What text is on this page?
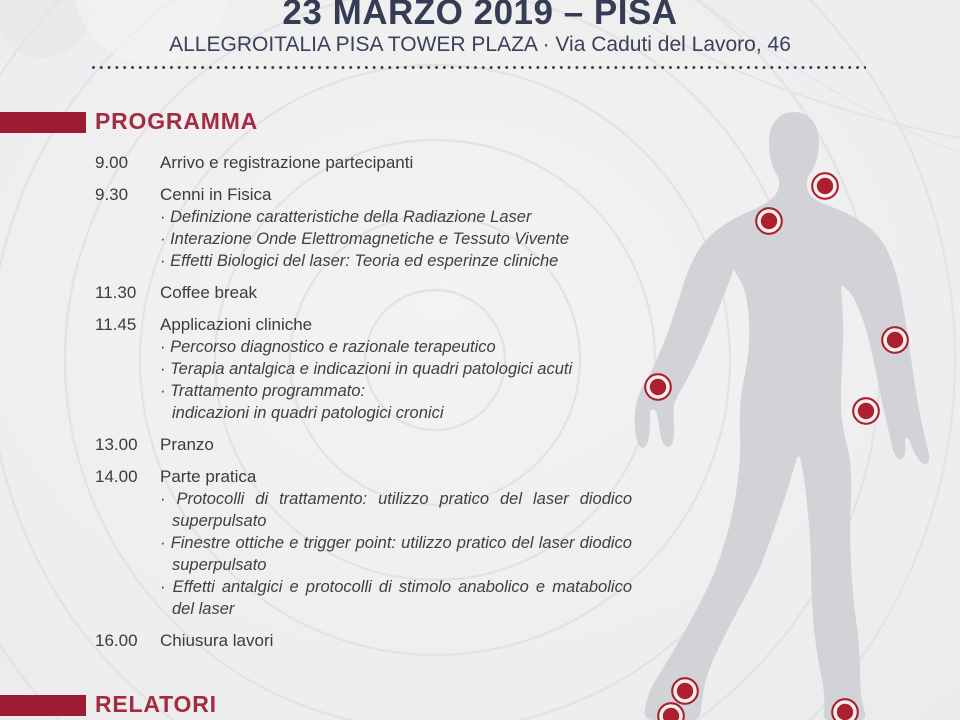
23 MARZO 2019 – PISA
ALLEGROITALIA PISA TOWER PLAZA · Via Caduti del Lavoro, 46
PROGRAMMA
9.00	Arrivo e registrazione partecipanti
9.30	Cenni in Fisica
· Definizione caratteristiche della Radiazione Laser
· Interazione Onde Elettromagnetiche e Tessuto Vivente
· Effetti Biologici del laser: Teoria ed esperinze cliniche
11.30	Coffee break
11.45	Applicazioni cliniche
· Percorso diagnostico e razionale terapeutico
· Terapia antalgica e indicazioni in quadri patologici acuti
· Trattamento programmato:
indicazioni in quadri patologici cronici
13.00	Pranzo
14.00	Parte pratica
· Protocolli di trattamento: utilizzo pratico del laser diodico superpulsato
· Finestre ottiche e trigger point: utilizzo pratico del laser diodico superpulsato
· Effetti antalgici e protocolli di stimolo anabolico e matabolico del laser
16.00	Chiusura lavori
RELATORI
